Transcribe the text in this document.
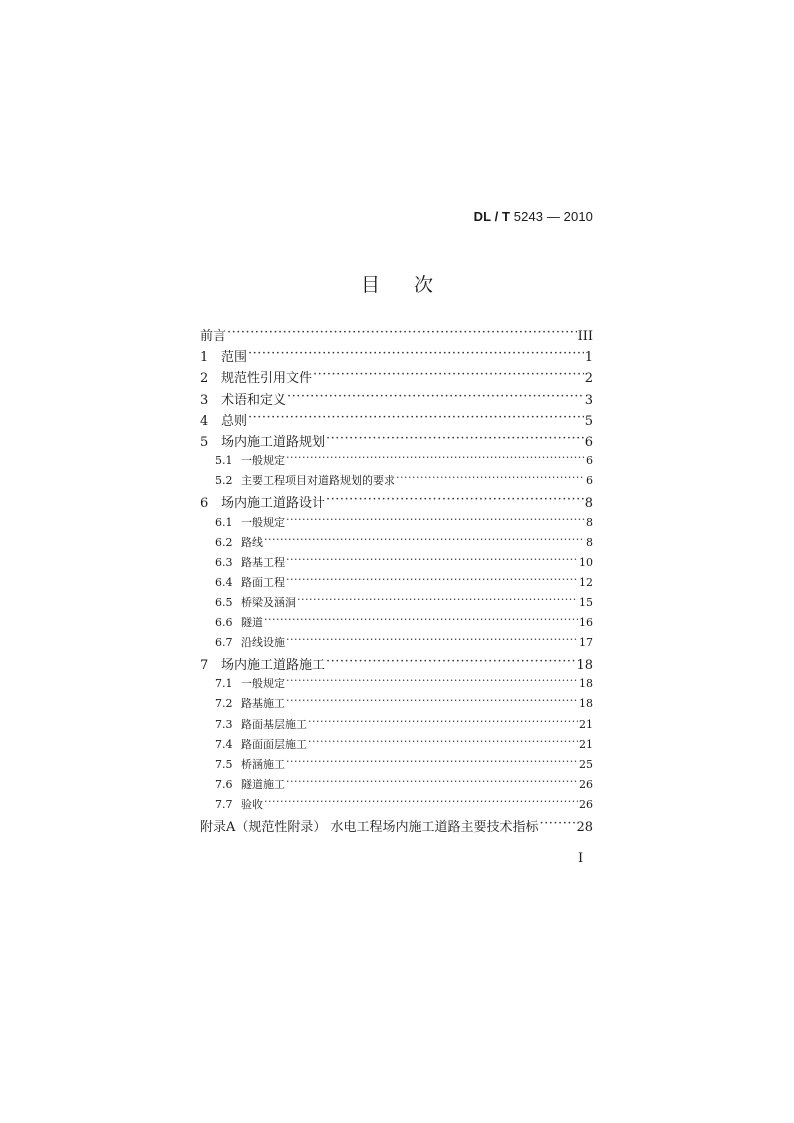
DL / T 5243 — 2010
目 次
前言 ·····	III
1 范围 ·····	1
2 规范性引用文件 ·····	2
3 术语和定义 ·····	3
4 总则 ·····	5
5 场内施工道路规划 ·····	6
5.1 一般规定 ·····	6
5.2 主要工程项目对道路规划的要求 ·····	6
6 场内施工道路设计 ·····	8
6.1 一般规定 ·····	8
6.2 路线 ·····	8
6.3 路基工程 ·····	10
6.4 路面工程 ·····	12
6.5 桥梁及涵洞 ·····	15
6.6 隧道 ·····	16
6.7 沿线设施 ·····	17
7 场内施工道路施工 ·····	18
7.1 一般规定 ·····	18
7.2 路基施工 ·····	18
7.3 路面基层施工 ·····	21
7.4 路面面层施工 ·····	21
7.5 桥涵施工 ·····	25
7.6 隧道施工 ·····	26
7.7 验收 ·····	26
附录A（规范性附录） 水电工程场内施工道路主要技术指标 ·····	28
I
